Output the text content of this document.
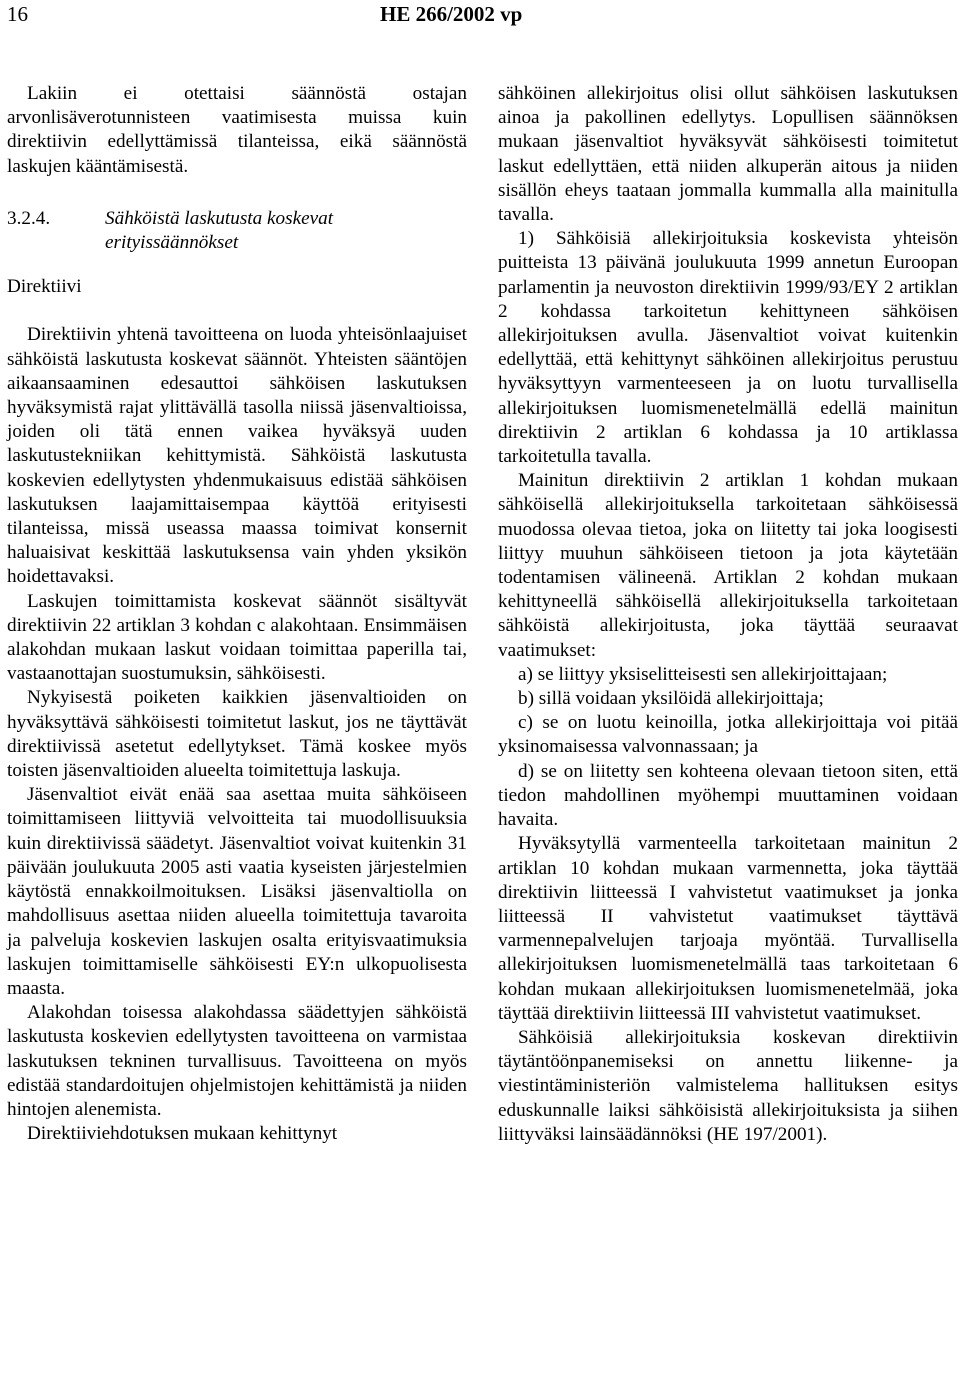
16	HE 266/2002 vp

Lakiin ei otettaisi säännöstä ostajan arvonlisäverotunnisteen vaatimisesta muissa kuin direktiivin edellyttämissä tilanteissa, eikä säännöstä laskujen kääntämisestä.

3.2.4.	Sähköistä laskutusta koskevat erityissäännökset

Direktiivi

Direktiivin yhtenä tavoitteena on luoda yhteisönlaajuiset sähköistä laskutusta koskevat säännöt. Yhteisten sääntöjen aikaansaaminen edesauttoi sähköisen laskutuksen hyväksymistä rajat ylittävällä tasolla niissä jäsenvaltioissa, joiden oli tätä ennen vaikea hyväksyä uuden laskutustekniikan kehittymistä. Sähköistä laskutusta koskevien edellytysten yhdenmukaisuus edistää sähköisen laskutuksen laajamittaisempaa käyttöä erityisesti tilanteissa, missä useassa maassa toimivat konsernit haluaisivat keskittää laskutuksensa vain yhden yksikön hoidettavaksi.

Laskujen toimittamista koskevat säännöt sisältyvät direktiivin 22 artiklan 3 kohdan c alakohtaan. Ensimmäisen alakohdan mukaan laskut voidaan toimittaa paperilla tai, vastaanottajan suostumuksin, sähköisesti.

Nykyisestä poiketen kaikkien jäsenvaltioiden on hyväksyttävä sähköisesti toimitetut laskut, jos ne täyttävät direktiivissä asetetut edellytykset. Tämä koskee myös toisten jäsenvaltioiden alueelta toimitettuja laskuja.

Jäsenvaltiot eivät enää saa asettaa muita sähköiseen toimittamiseen liittyviä velvoitteita tai muodollisuuksia kuin direktiivissä säädetyt. Jäsenvaltiot voivat kuitenkin 31 päivään joulukuuta 2005 asti vaatia kyseisten järjestelmien käytöstä ennakkoilmoituksen. Lisäksi jäsenvaltiolla on mahdollisuus asettaa niiden alueella toimitettuja tavaroita ja palveluja koskevien laskujen osalta erityisvaatimuksia laskujen toimittamiselle sähköisesti EY:n ulkopuolisesta maasta.

Alakohdan toisessa alakohdassa säädettyjen sähköistä laskutusta koskevien edellytysten tavoitteena on varmistaa laskutuksen tekninen turvallisuus. Tavoitteena on myös edistää standardoitujen ohjelmistojen kehittämistä ja niiden hintojen alenemista.

Direktiiviehdotuksen mukaan kehittynyt

sähköinen allekirjoitus olisi ollut sähköisen laskutuksen ainoa ja pakollinen edellytys. Lopullisen säännöksen mukaan jäsenvaltiot hyväksyvät sähköisesti toimitetut laskut edellyttäen, että niiden alkuperän aitous ja niiden sisällön eheys taataan jommalla kummalla alla mainitulla tavalla.

1) Sähköisiä allekirjoituksia koskevista yhteisön puitteista 13 päivänä joulukuuta 1999 annetun Euroopan parlamentin ja neuvoston direktiivin 1999/93/EY 2 artiklan 2 kohdassa tarkoitetun kehittyneen sähköisen allekirjoituksen avulla. Jäsenvaltiot voivat kuitenkin edellyttää, että kehittynyt sähköinen allekirjoitus perustuu hyväksyttyyn varmenteeseen ja on luotu turvallisella allekirjoituksen luomismenetelmällä edellä mainitun direktiivin 2 artiklan 6 kohdassa ja 10 artiklassa tarkoitetulla tavalla.

Mainitun direktiivin 2 artiklan 1 kohdan mukaan sähköisellä allekirjoituksella tarkoitetaan sähköisessä muodossa olevaa tietoa, joka on liitetty tai joka loogisesti liittyy muuhun sähköiseen tietoon ja jota käytetään todentamisen välineenä. Artiklan 2 kohdan mukaan kehittyneellä sähköisellä allekirjoituksella tarkoitetaan sähköistä allekirjoitusta, joka täyttää seuraavat vaatimukset:

a) se liittyy yksiselitteisesti sen allekirjoittajaan;

b) sillä voidaan yksilöidä allekirjoittaja;

c) se on luotu keinoilla, jotka allekirjoittaja voi pitää yksinomaisessa valvonnassaan; ja

d) se on liitetty sen kohteena olevaan tietoon siten, että tiedon mahdollinen myöhempi muuttaminen voidaan havaita.

Hyväksytyllä varmenteella tarkoitetaan mainitun 2 artiklan 10 kohdan mukaan varmennetta, joka täyttää direktiivin liitteessä I vahvistetut vaatimukset ja jonka liitteessä II vahvistetut vaatimukset täyttävä varmennepalvelujen tarjoaja myöntää. Turvallisella allekirjoituksen luomismenetelmällä taas tarkoitetaan 6 kohdan mukaan allekirjoituksen luomismenetelmää, joka täyttää direktiivin liitteessä III vahvistetut vaatimukset.

Sähköisiä allekirjoituksia koskevan direktiivin täytäntöönpanemiseksi on annettu liikenne- ja viestintäministeriön valmistelema hallituksen esitys eduskunnalle laiksi sähköisistä allekirjoituksista ja siihen liittyväksi lainsäädännöksi (HE 197/2001).
